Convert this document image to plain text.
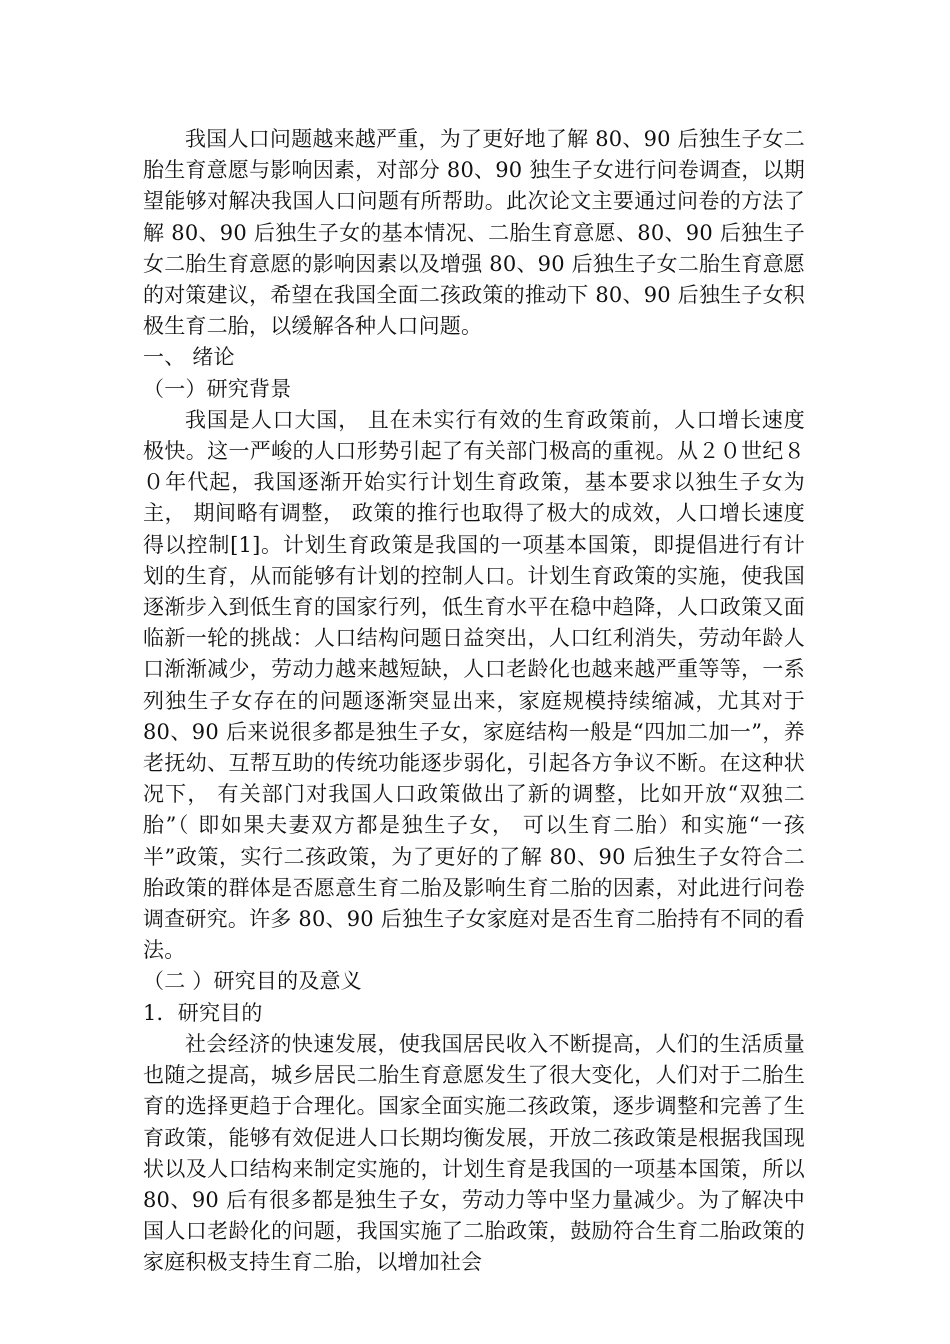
我国人口问题越来越严重，为了更好地了解 80、90 后独生子女二胎生育意愿与影响因素，对部分 80、90 独生子女进行问卷调查，以期望能够对解决我国人口问题有所帮助。此次论文主要通过问卷的方法了解 80、90 后独生子女的基本情况、二胎生育意愿、80、90 后独生子女二胎生育意愿的影响因素以及增强 80、90 后独生子女二胎生育意愿的对策建议，希望在我国全面二孩政策的推动下 80、90 后独生子女积极生育二胎，以缓解各种人口问题。

一、 绪论

（一）研究背景

我国是人口大国， 且在未实行有效的生育政策前，人口增长速度极快。这一严峻的人口形势引起了有关部门极高的重视。从２０世纪８０年代起，我国逐渐开始实行计划生育政策，基本要求以独生子女为主， 期间略有调整， 政策的推行也取得了极大的成效，人口增长速度得以控制[1]。计划生育政策是我国的一项基本国策，即提倡进行有计划的生育，从而能够有计划的控制人口。计划生育政策的实施，使我国逐渐步入到低生育的国家行列，低生育水平在稳中趋降，人口政策又面临新一轮的挑战：人口结构问题日益突出，人口红利消失，劳动年龄人口渐渐减少，劳动力越来越短缺，人口老龄化也越来越严重等等，一系列独生子女存在的问题逐渐突显出来，家庭规模持续缩减，尤其对于 80、90 后来说很多都是独生子女，家庭结构一般是“四加二加一”，养老抚幼、互帮互助的传统功能逐步弱化，引起各方争议不断。在这种状况下， 有关部门对我国人口政策做出了新的调整，比如开放“双独二胎”（ 即如果夫妻双方都是独生子女， 可以生育二胎）和实施“一孩半”政策，实行二孩政策，为了更好的了解 80、90 后独生子女符合二胎政策的群体是否愿意生育二胎及影响生育二胎的因素，对此进行问卷调查研究。许多 80、90 后独生子女家庭对是否生育二胎持有不同的看法。

（二 ）研究目的及意义

1．研究目的

社会经济的快速发展，使我国居民收入不断提高，人们的生活质量也随之提高，城乡居民二胎生育意愿发生了很大变化，人们对于二胎生育的选择更趋于合理化。国家全面实施二孩政策，逐步调整和完善了生育政策，能够有效促进人口长期均衡发展，开放二孩政策是根据我国现状以及人口结构来制定实施的，计划生育是我国的一项基本国策，所以 80、90 后有很多都是独生子女，劳动力等中坚力量减少。为了解决中国人口老龄化的问题，我国实施了二胎政策，鼓励符合生育二胎政策的家庭积极支持生育二胎，以增加社会
